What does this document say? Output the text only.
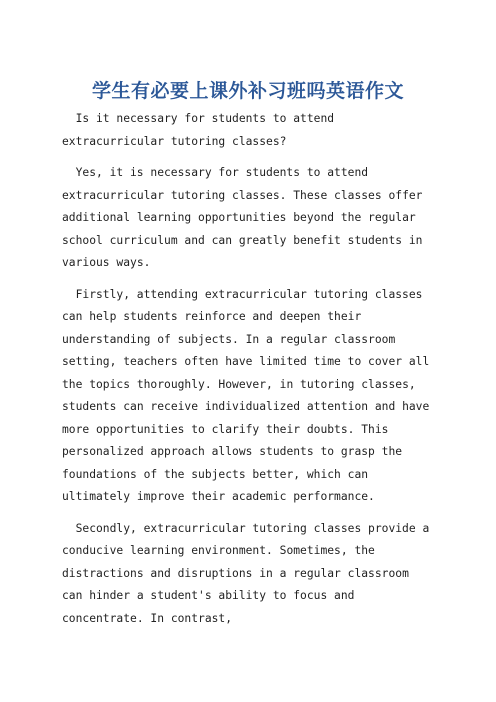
学生有必要上课外补习班吗英语作文

Is it necessary for students to attend extracurricular tutoring classes?

Yes, it is necessary for students to attend extracurricular tutoring classes. These classes offer additional learning opportunities beyond the regular school curriculum and can greatly benefit students in various ways.

Firstly, attending extracurricular tutoring classes can help students reinforce and deepen their understanding of subjects. In a regular classroom setting, teachers often have limited time to cover all the topics thoroughly. However, in tutoring classes, students can receive individualized attention and have more opportunities to clarify their doubts. This personalized approach allows students to grasp the foundations of the subjects better, which can ultimately improve their academic performance.

Secondly, extracurricular tutoring classes provide a conducive learning environment. Sometimes, the distractions and disruptions in a regular classroom can hinder a student's ability to focus and concentrate. In contrast,
